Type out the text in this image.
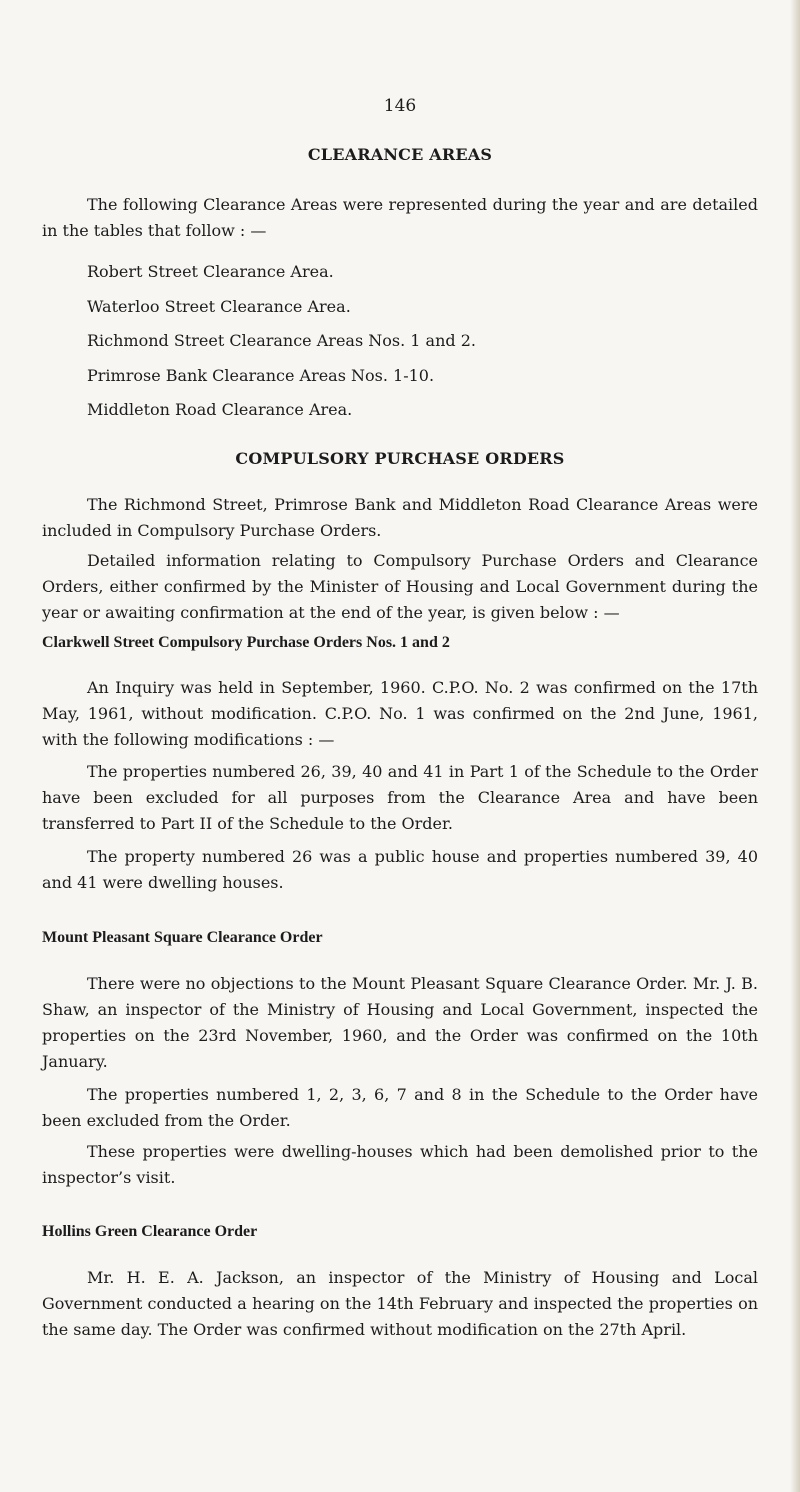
146
CLEARANCE AREAS
The following Clearance Areas were represented during the year and are detailed in the tables that follow : —
Robert Street Clearance Area.
Waterloo Street Clearance Area.
Richmond Street Clearance Areas Nos. 1 and 2.
Primrose Bank Clearance Areas Nos. 1-10.
Middleton Road Clearance Area.
COMPULSORY PURCHASE ORDERS
The Richmond Street, Primrose Bank and Middleton Road Clearance Areas were included in Compulsory Purchase Orders.
Detailed information relating to Compulsory Purchase Orders and Clearance Orders, either confirmed by the Minister of Housing and Local Government during the year or awaiting confirmation at the end of the year, is given below : —
Clarkwell Street Compulsory Purchase Orders Nos. 1 and 2
An Inquiry was held in September, 1960. C.P.O. No. 2 was confirmed on the 17th May, 1961, without modification. C.P.O. No. 1 was confirmed on the 2nd June, 1961, with the following modifications : —
The properties numbered 26, 39, 40 and 41 in Part 1 of the Schedule to the Order have been excluded for all purposes from the Clearance Area and have been transferred to Part II of the Schedule to the Order.
The property numbered 26 was a public house and properties numbered 39, 40 and 41 were dwelling houses.
Mount Pleasant Square Clearance Order
There were no objections to the Mount Pleasant Square Clearance Order. Mr. J. B. Shaw, an inspector of the Ministry of Housing and Local Government, inspected the properties on the 23rd November, 1960, and the Order was confirmed on the 10th January.
The properties numbered 1, 2, 3, 6, 7 and 8 in the Schedule to the Order have been excluded from the Order.
These properties were dwelling-houses which had been demolished prior to the inspector’s visit.
Hollins Green Clearance Order
Mr. H. E. A. Jackson, an inspector of the Ministry of Housing and Local Government conducted a hearing on the 14th February and inspected the properties on the same day. The Order was confirmed without modification on the 27th April.
